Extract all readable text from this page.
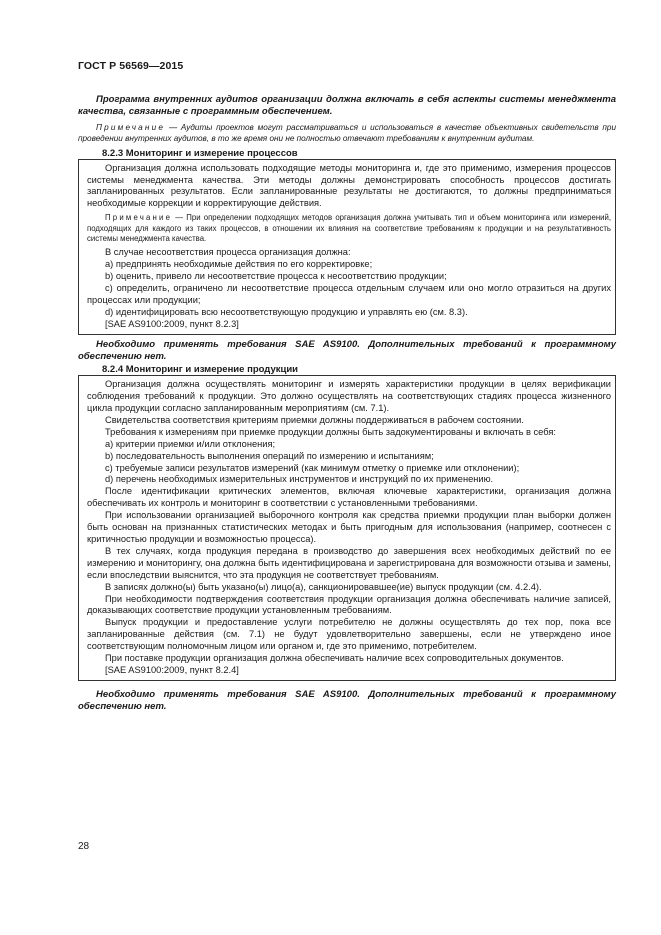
ГОСТ Р 56569—2015

Программа внутренних аудитов организации должна включать в себя аспекты системы менеджмента качества, связанные с программным обеспечением.

Примечание — Аудиты проектов могут рассматриваться и использоваться в качестве объективных свидетельств при проведении внутренних аудитов, в то же время они не полностью отвечают требованиям к внутренним аудитам.

8.2.3 Мониторинг и измерение процессов

Организация должна использовать подходящие методы мониторинга и, где это применимо, измерения процессов системы менеджмента качества. Эти методы должны демонстрировать способность процессов достигать запланированных результатов. Если запланированные результаты не достигаются, то должны предприниматься необходимые коррекции и корректирующие действия.

Примечание — При определении подходящих методов организация должна учитывать тип и объем мониторинга или измерений, подходящих для каждого из таких процессов, в отношении их влияния на соответствие требованиям к продукции и на результативность системы менеджмента качества.

В случае несоответствия процесса организация должна:

a) предпринять необходимые действия по его корректировке;

b) оценить, привело ли несоответствие процесса к несоответствию продукции;

c) определить, ограничено ли несоответствие процесса отдельным случаем или оно могло отразиться на других процессах или продукции;

d) идентифицировать всю несоответствующую продукцию и управлять ею (см. 8.3).

[SAE AS9100:2009, пункт 8.2.3]

Необходимо применять требования SAE AS9100. Дополнительных требований к программному обеспечению нет.

8.2.4 Мониторинг и измерение продукции

Организация должна осуществлять мониторинг и измерять характеристики продукции в целях верификации соблюдения требований к продукции. Это должно осуществлять на соответствующих стадиях процесса жизненного цикла продукции согласно запланированным мероприятиям (см. 7.1).

Свидетельства соответствия критериям приемки должны поддерживаться в рабочем состоянии.

Требования к измерениям при приемке продукции должны быть задокументированы и включать в себя:

a) критерии приемки и/или отклонения;

b) последовательность выполнения операций по измерению и испытаниям;

c) требуемые записи результатов измерений (как минимум отметку о приемке или отклонении);

d) перечень необходимых измерительных инструментов и инструкций по их применению.

После идентификации критических элементов, включая ключевые характеристики, организация должна обеспечивать их контроль и мониторинг в соответствии с установленными требованиями.

При использовании организацией выборочного контроля как средства приемки продукции план выборки должен быть основан на признанных статистических методах и быть пригодным для использования (например, соотнесен с критичностью продукции и возможностью процесса).

В тех случаях, когда продукция передана в производство до завершения всех необходимых действий по ее измерению и мониторингу, она должна быть идентифицирована и зарегистрирована для возможности отзыва и замены, если впоследствии выяснится, что эта продукция не соответствует требованиям.

В записях должно(ы) быть указано(ы) лицо(а), санкционировавшее(ие) выпуск продукции (см. 4.2.4).

При необходимости подтверждения соответствия продукции организация должна обеспечивать наличие записей, доказывающих соответствие продукции установленным требованиям.

Выпуск продукции и предоставление услуги потребителю не должны осуществлять до тех пор, пока все запланированные действия (см. 7.1) не будут удовлетворительно завершены, если не утверждено иное соответствующим полномочным лицом или органом и, где это применимо, потребителем.

При поставке продукции организация должна обеспечивать наличие всех сопроводительных документов.

[SAE AS9100:2009, пункт 8.2.4]

Необходимо применять требования SAE AS9100. Дополнительных требований к программному обеспечению нет.

28
